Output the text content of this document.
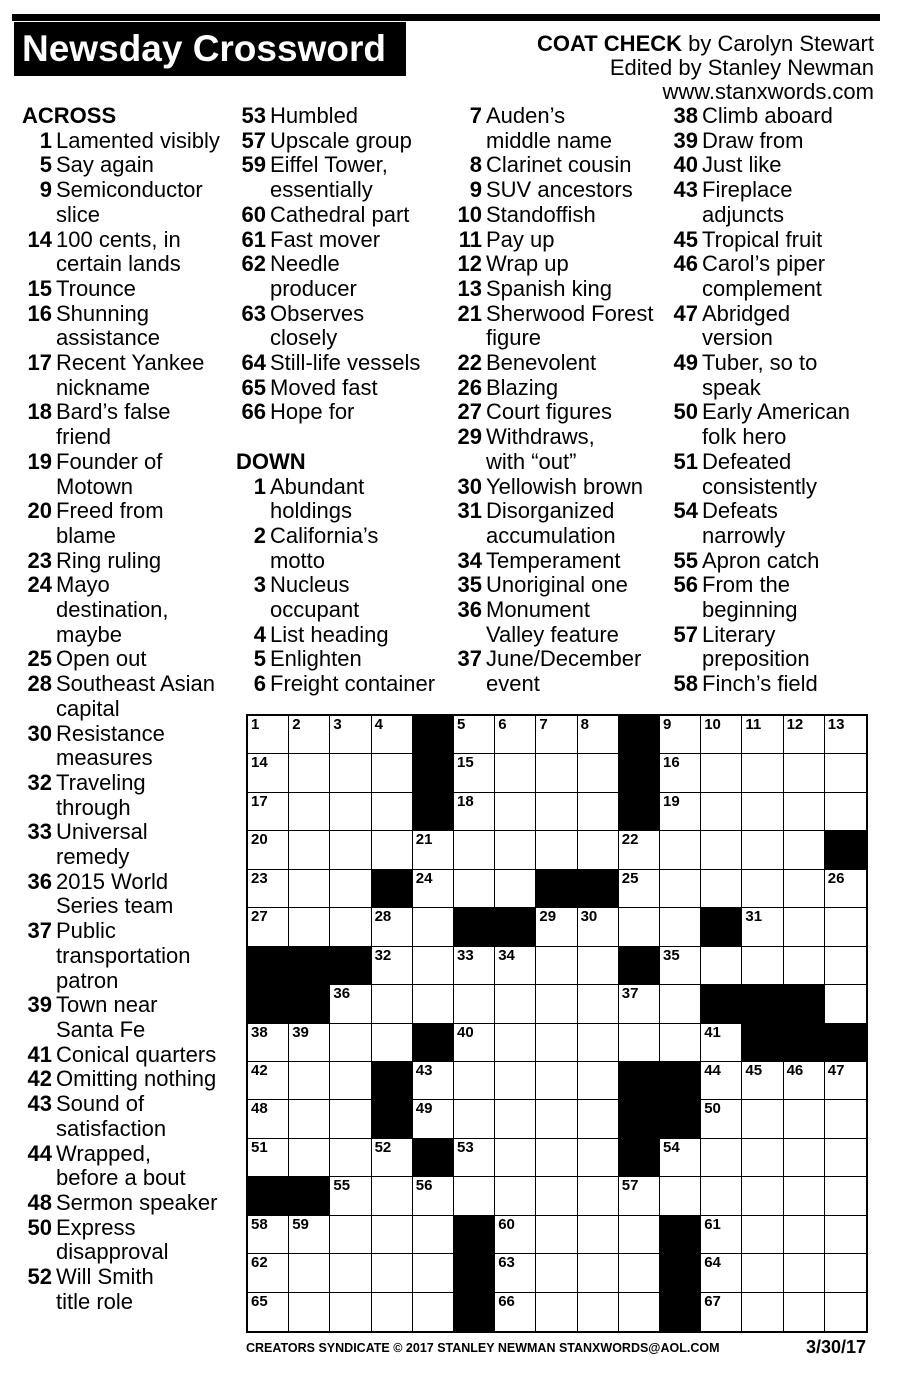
Newsday Crossword	COAT CHECK by Carolyn Stewart
Edited by Stanley Newman
www.stanxwords.com
ACROSS
1 Lamented visibly
5 Say again
9 Semiconductor
slice
14 100 cents, in
certain lands
15 Trounce
16 Shunning
assistance
17 Recent Yankee
nickname
18 Bard’s false
friend
19 Founder of
Motown
20 Freed from
blame
23 Ring ruling
24 Mayo
destination,
maybe
25 Open out
28 Southeast Asian
capital
30 Resistance
measures
32 Traveling
through
33 Universal
remedy
36 2015 World
Series team
37 Public
transportation
patron
39 Town near
Santa Fe
41 Conical quarters
42 Omitting nothing
43 Sound of
satisfaction
44 Wrapped,
before a bout
48 Sermon speaker
50 Express
disapproval
52 Will Smith
title role
53 Humbled
57 Upscale group
59 Eiffel Tower,
essentially
60 Cathedral part
61 Fast mover
62 Needle
producer
63 Observes
closely
64 Still-life vessels
65 Moved fast
66 Hope for
DOWN
1 Abundant
holdings
2 California’s
motto
3 Nucleus
occupant
4 List heading
5 Enlighten
6 Freight container
7 Auden’s
middle name
8 Clarinet cousin
9 SUV ancestors
10 Standoffish
11 Pay up
12 Wrap up
13 Spanish king
21 Sherwood Forest
figure
22 Benevolent
26 Blazing
27 Court figures
29 Withdraws,
with “out”
30 Yellowish brown
31 Disorganized
accumulation
34 Temperament
35 Unoriginal one
36 Monument
Valley feature
37 June/December
event
38 Climb aboard
39 Draw from
40 Just like
43 Fireplace
adjuncts
45 Tropical fruit
46 Carol’s piper
complement
47 Abridged
version
49 Tuber, so to
speak
50 Early American
folk hero
51 Defeated
consistently
54 Defeats
narrowly
55 Apron catch
56 From the
beginning
57 Literary
preposition
58 Finch’s field
1 2 3 4	5 6 7 8	9 10 11 12 13
14	15	16
17	18	19
20	21	22
23	24	25	26
27	28	29 30	31
32	33 34	35
36	37
38 39	40	41
42	43	44 45 46 47
48	49	50
51	52	53	54
55	56	57
58 59	60	61
62	63	64
65	66	67
CREATORS SYNDICATE © 2017 STANLEY NEWMAN STANXWORDS@AOL.COM	3/30/17
